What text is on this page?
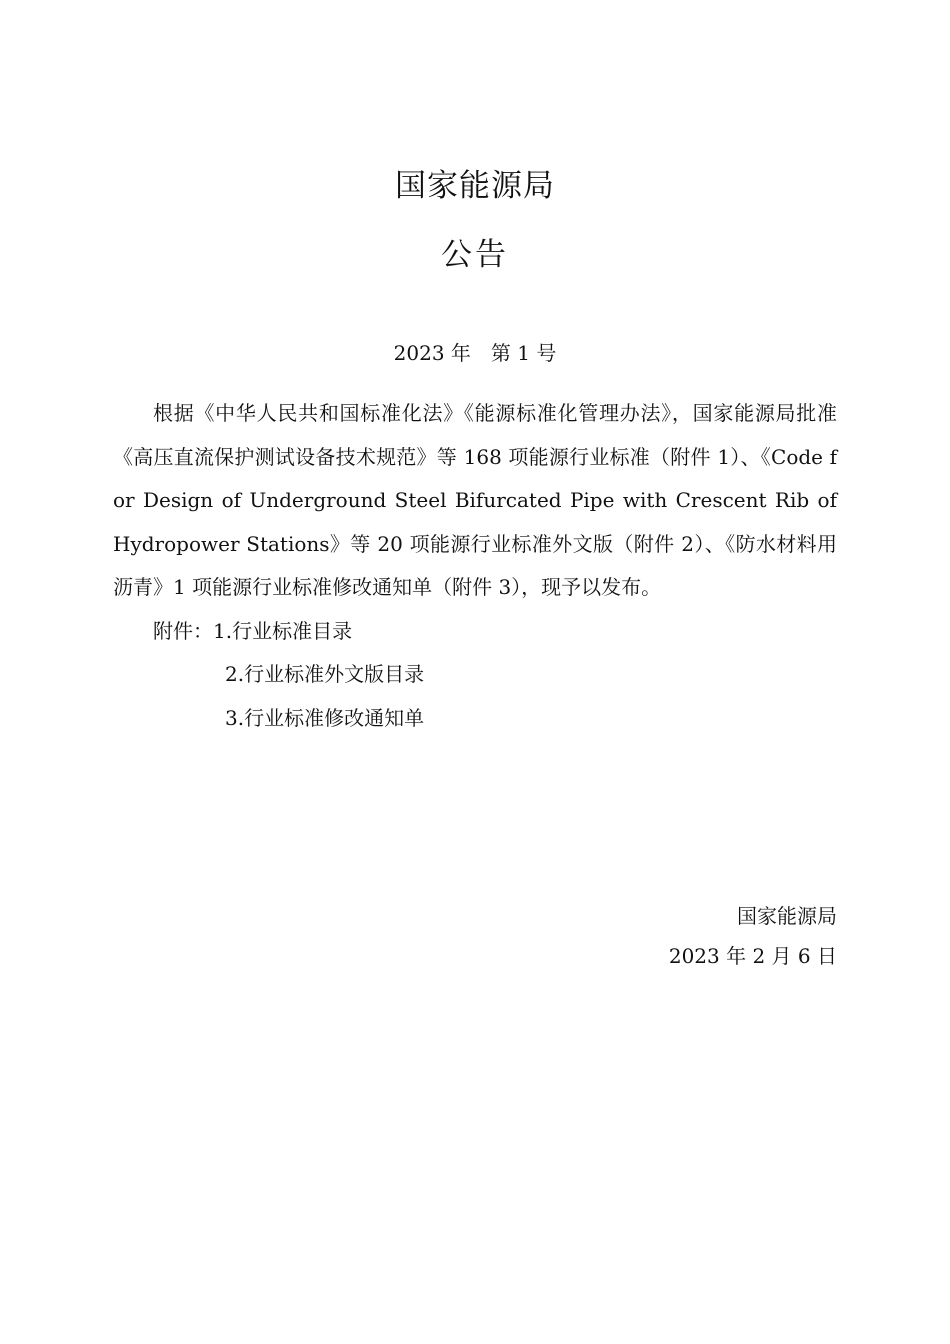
国家能源局
公告
2023 年　第 1 号

根据《中华人民共和国标准化法》《能源标准化管理办法》，国家能源局批准《高压直流保护测试设备技术规范》等 168 项能源行业标准（附件 1）、《Code for Design of Underground Steel Bifurcated Pipe with Crescent Rib of Hydropower Stations》等 20 项能源行业标准外文版（附件 2）、《防水材料用沥青》1 项能源行业标准修改通知单（附件 3），现予以发布。

附件：1.行业标准目录

2.行业标准外文版目录

3.行业标准修改通知单

国家能源局
2023 年 2 月 6 日
